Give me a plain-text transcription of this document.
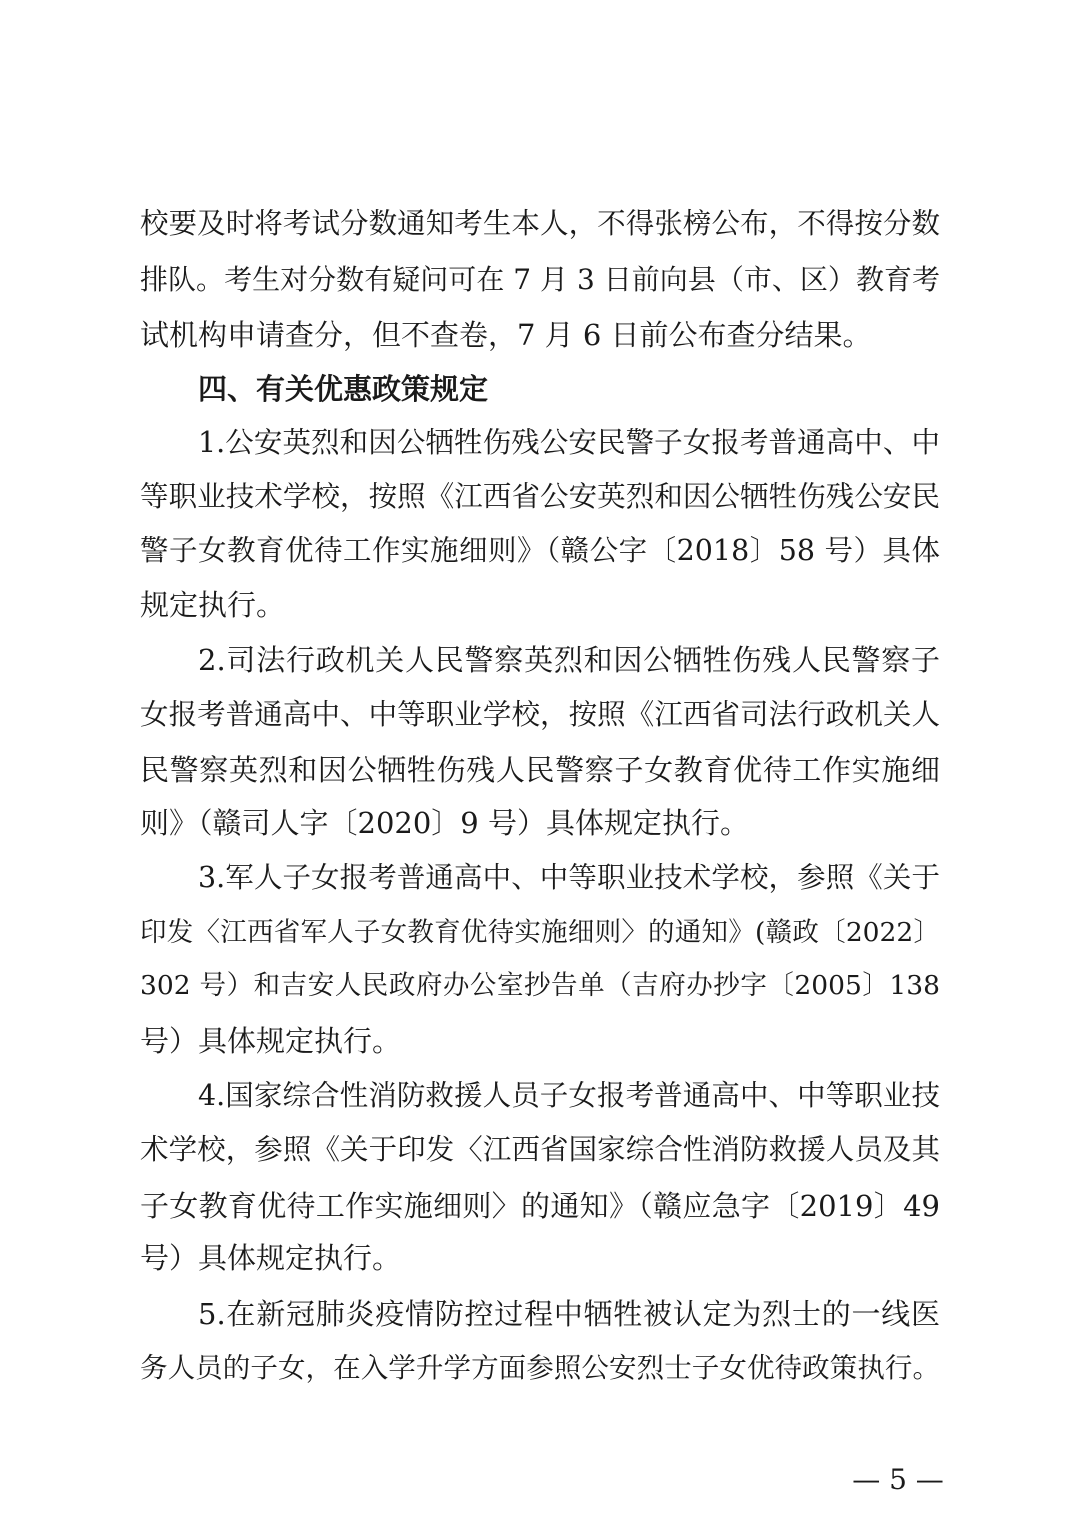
校要及时将考试分数通知考生本人，不得张榜公布，不得按分数
排队。考生对分数有疑问可在 7 月 3 日前向县（市、区）教育考
试机构申请查分，但不查卷，7 月 6 日前公布查分结果。
四、有关优惠政策规定
1.公安英烈和因公牺牲伤残公安民警子女报考普通高中、中
等职业技术学校，按照《江西省公安英烈和因公牺牲伤残公安民
警子女教育优待工作实施细则》（赣公字〔2018〕58 号）具体
规定执行。
2.司法行政机关人民警察英烈和因公牺牲伤残人民警察子
女报考普通高中、中等职业学校，按照《江西省司法行政机关人
民警察英烈和因公牺牲伤残人民警察子女教育优待工作实施细
则》（赣司人字〔2020〕9 号）具体规定执行。
3.军人子女报考普通高中、中等职业技术学校，参照《关于
印发〈江西省军人子女教育优待实施细则〉的通知》(赣政〔2022〕
302 号）和吉安人民政府办公室抄告单（吉府办抄字〔2005〕138
号）具体规定执行。
4.国家综合性消防救援人员子女报考普通高中、中等职业技
术学校，参照《关于印发〈江西省国家综合性消防救援人员及其
子女教育优待工作实施细则〉的通知》（赣应急字〔2019〕49
号）具体规定执行。
5.在新冠肺炎疫情防控过程中牺牲被认定为烈士的一线医
务人员的子女，在入学升学方面参照公安烈士子女优待政策执行。
— 5 —
